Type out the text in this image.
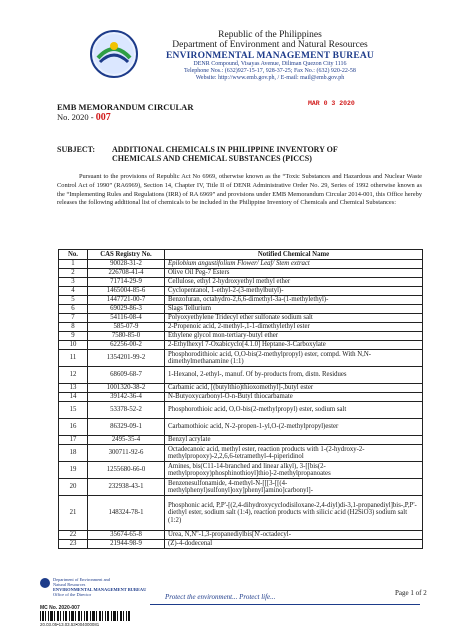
Republic of the Philippines
Department of Environment and Natural Resources
ENVIRONMENTAL MANAGEMENT BUREAU
DENR Compound, Visayas Avenue, Diliman Quezon City 1116
Telephone Nos.: (632)927-15-17, 928-37-25; Fax No.: (632) 920-22-58
Website: http://www.emb.gov.ph, / E-mail: mail@emb.gov.ph
MAR 0 3 2020
EMB MEMORANDUM CIRCULAR
No. 2020 - 007
SUBJECT: ADDITIONAL CHEMICALS IN PHILIPPINE INVENTORY OF
CHEMICALS AND CHEMICAL SUBSTANCES (PICCS)
Pursuant to the provisions of Republic Act No 6969, otherwise known as the “Toxic Substances and Hazardous and Nuclear Waste Control Act of 1990” (RA6969), Section 14, Chapter IV, Title II of DENR Administrative Order No. 29, Series of 1992 otherwise known as the “Implementing Rules and Regulations (IRR) of RA 6969” and provisions under EMB Memorandum Circular 2014-001, this Office hereby releases the following additional list of chemicals to be included in the Philippine Inventory of Chemicals and Chemical Substances:
No.	CAS Registry No.	Notified Chemical Name
1	90028-31-2	Epilobium angustifolium Flower/ Leaf/ Stem extract
2	226708-41-4	Olive Oil Peg-7 Esters
3	71714-29-9	Cellulose, ethyl 2-hydroxyethyl methyl ether
4	1465004-85-6	Cyclopentanol, 1-ethyl-2-(3-methylbutyl)-
5	1447721-00-7	Benzofuran, octahydro-2,6,6-dimethyl-3a-(1-methylethyl)-
6	69029-86-3	Slags Tellurium
7	54116-08-4	Polyoxyethylene Tridecyl ether sulfonate sodium salt
8	585-07-9	2-Propenoic acid, 2-methyl-,1-1-dimethylethyl ester
9	7580-85-0	Ethylene glycol mon-tertiary-butyl ether
10	62256-00-2	2-Ethylhexyl 7-Oxabicyclo[4.1.0] Heptane-3-Carboxylate
11	1354201-99-2	Phosphorodithioic acid, O,O-bis(2-methylpropyl) ester, compd. With N,N-dimethylmethanamine (1:1)
12	68609-68-7	1-Hexanol, 2-ethyl-, manuf. Of by-products from, distn. Residues
13	1001320-38-2	Carbamic acid, [(butylthio)thioxomethyl]-,butyl ester
14	39142-36-4	N-Butyoxycarbonyl-O-n-Butyl thiocarbamate
15	53378-52-2	Phosphorothioic acid, O,O-bis(2-methylpropyl) ester, sodium salt
16	86329-09-1	Carbamothioic acid, N-2-propen-1-yl,O-(2-methylpropyl)ester
17	2495-35-4	Benzyl acrylate
18	300711-92-6	Octadecanoic acid, methyl ester, reaction products with 1-(2-hydroxy-2-methylpropoxy)-2,2,6,6-tetramethyl-4-piperidinol
19	1255680-66-0	Amines, bis(C11-14-branched and linear alkyl), 3-[[bis(2-methylpropoxy)phosphinothioyl]thio]-2-methylpropanoates
20	232938-43-1	Benzenesulfonamide, 4-methyl-N-[[[3-[[(4-methylphenyl)sulfonyl]oxy]phenyl]amino]carbonyl]-
21	148324-78-1	Phosphonic acid, P,P'-[(2,4-dihydroxycyclodisiloxane-2,4-diyl)di-3,1-propanediyl]bis-,P,P'-diethyl ester, sodium salt (1:4), reaction products with silicic acid (H2SiO3) sodium salt (1:2)
22	35674-65-8	Urea, N,N''-1,3-propanediylbis[N'-octadecyl-
23	21944-98-9	(Z)-4-dodecenal
Department of Environment and
Natural Resources
ENVIRONMENTAL MANAGEMENT BUREAU
Office of the Director	Protect the environment... Protect life...	Page 1 of 2
MC No. 2020-007
20.03.05•13.03.53•004000081
